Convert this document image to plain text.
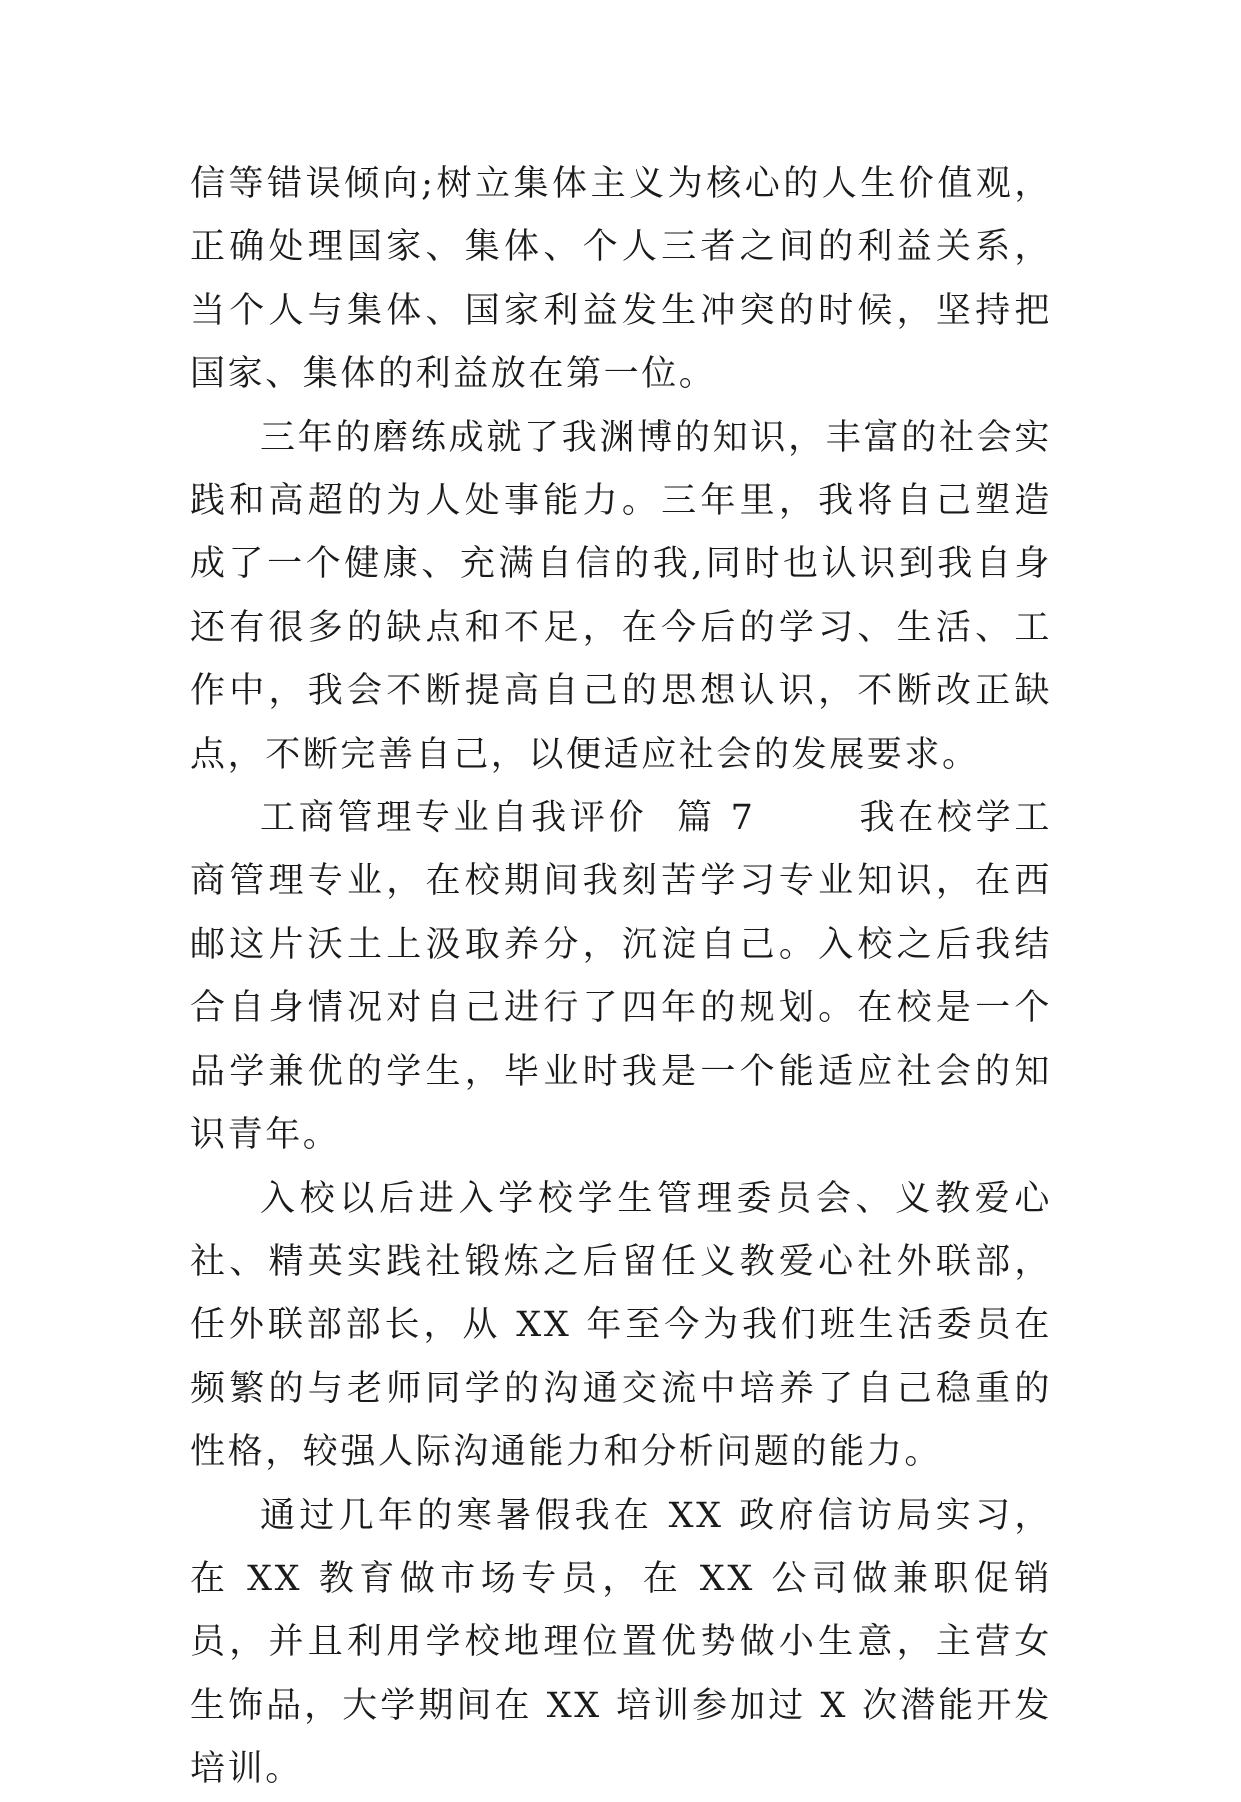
信等错误倾向;树立集体主义为核心的人生价值观，正确处理国家、集体、个人三者之间的利益关系，当个人与集体、国家利益发生冲突的时候，坚持把国家、集体的利益放在第一位。

三年的磨练成就了我渊博的知识，丰富的社会实践和高超的为人处事能力。三年里，我将自己塑造成了一个健康、充满自信的我,同时也认识到我自身还有很多的缺点和不足，在今后的学习、生活、工作中，我会不断提高自己的思想认识，不断改正缺点，不断完善自己，以便适应社会的发展要求。

工商管理专业自我评价  篇 7       我在校学工商管理专业，在校期间我刻苦学习专业知识，在西邮这片沃土上汲取养分，沉淀自己。入校之后我结合自身情况对自己进行了四年的规划。在校是一个品学兼优的学生，毕业时我是一个能适应社会的知识青年。

入校以后进入学校学生管理委员会、义教爱心社、精英实践社锻炼之后留任义教爱心社外联部，任外联部部长，从 XX 年至今为我们班生活委员在频繁的与老师同学的沟通交流中培养了自己稳重的性格，较强人际沟通能力和分析问题的能力。

通过几年的寒暑假我在 XX 政府信访局实习，在 XX 教育做市场专员，在 XX 公司做兼职促销员，并且利用学校地理位置优势做小生意，主营女生饰品，大学期间在 XX 培训参加过 X 次潜能开发培训。
